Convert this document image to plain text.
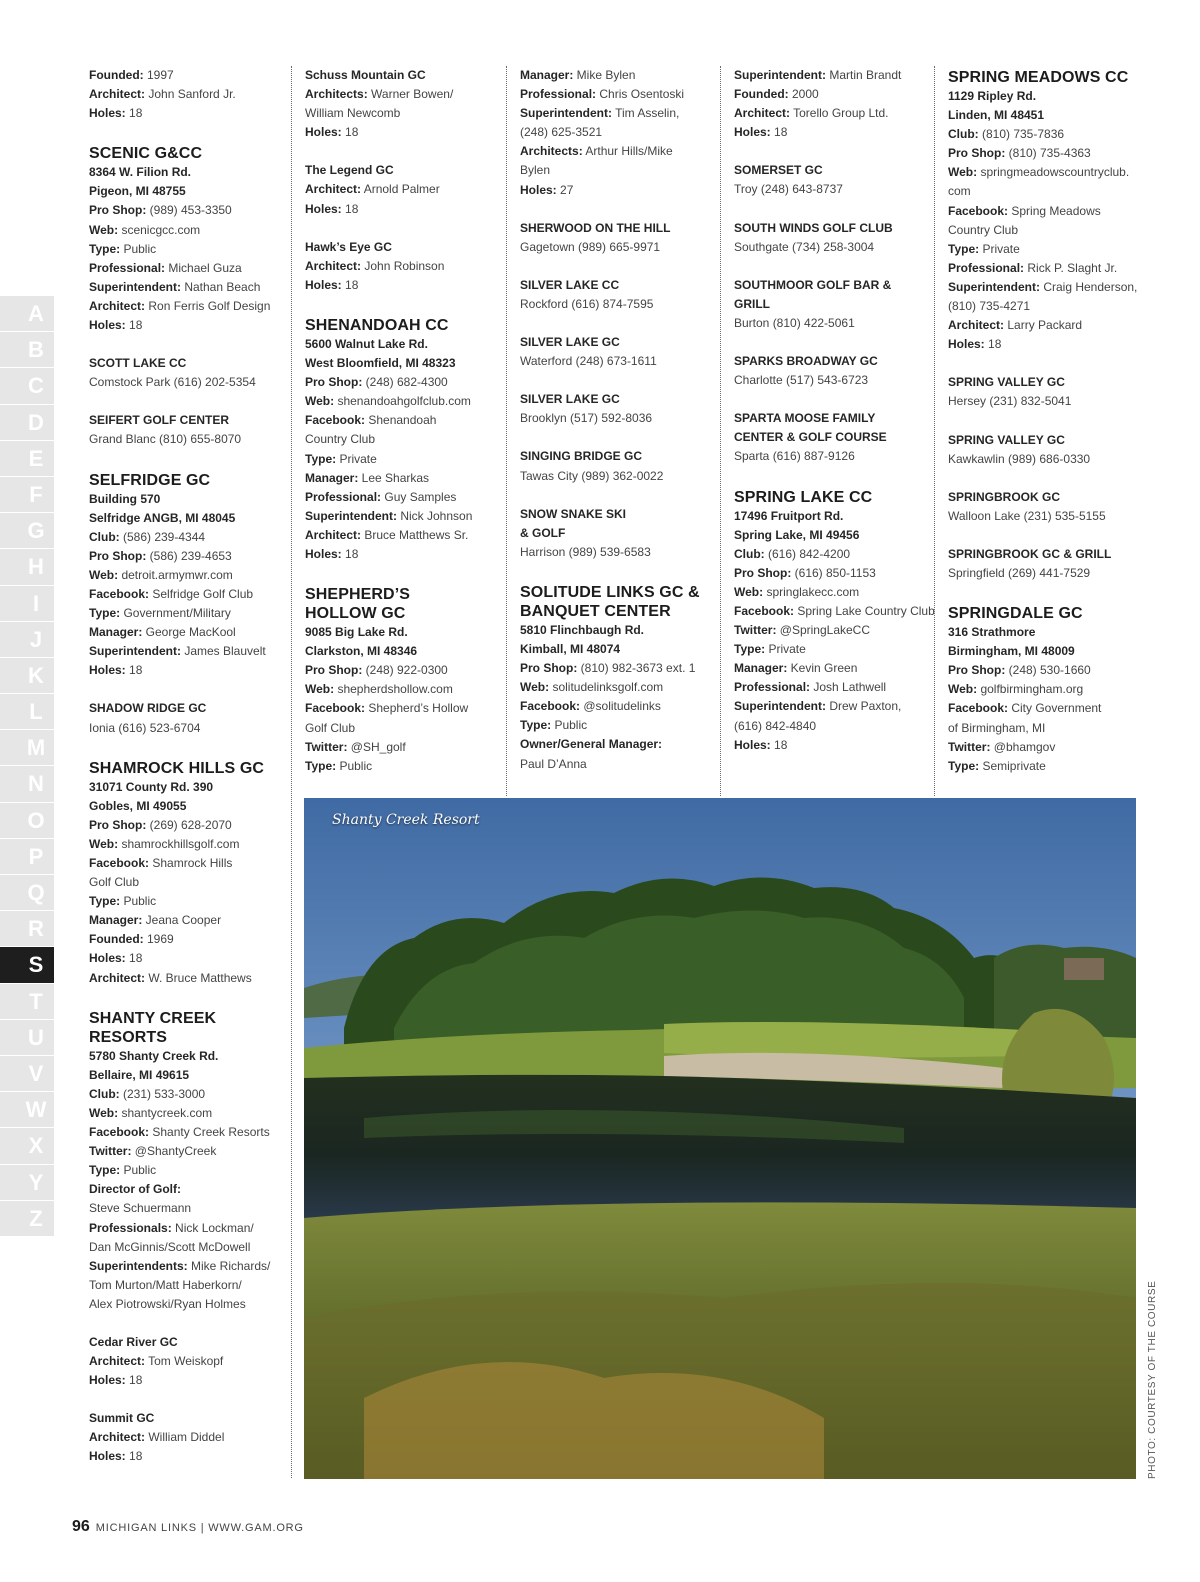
A
B
C
D
E
F
G
H
I
J
K
L
M
N
O
P
Q
R
S
T
U
V
W
X
Y
Z
Founded: 1997
Architect: John Sanford Jr.
Holes: 18
SCENIC G&CC
8364 W. Filion Rd.
Pigeon, MI 48755
Pro Shop: (989) 453-3350
Web: scenicgcc.com
Type: Public
Professional: Michael Guza
Superintendent: Nathan Beach
Architect: Ron Ferris Golf Design
Holes: 18
SCOTT LAKE CC
Comstock Park (616) 202-5354
SEIFERT GOLF CENTER
Grand Blanc (810) 655-8070
SELFRIDGE GC
Building 570
Selfridge ANGB, MI 48045
Club: (586) 239-4344
Pro Shop: (586) 239-4653
Web: detroit.armymwr.com
Facebook: Selfridge Golf Club
Type: Government/Military
Manager: George MacKool
Superintendent: James Blauvelt
Holes: 18
SHADOW RIDGE GC
Ionia (616) 523-6704
SHAMROCK HILLS GC
31071 County Rd. 390
Gobles, MI 49055
Pro Shop: (269) 628-2070
Web: shamrockhillsgolf.com
Facebook: Shamrock Hills
Golf Club
Type: Public
Manager: Jeana Cooper
Founded: 1969
Holes: 18
Architect: W. Bruce Matthews
SHANTY CREEK
RESORTS
5780 Shanty Creek Rd.
Bellaire, MI 49615
Club: (231) 533-3000
Web: shantycreek.com
Facebook: Shanty Creek Resorts
Twitter: @ShantyCreek
Type: Public
Director of Golf:
Steve Schuermann
Professionals: Nick Lockman/
Dan McGinnis/Scott McDowell
Superintendents: Mike Richards/
Tom Murton/Matt Haberkorn/
Alex Piotrowski/Ryan Holmes
Cedar River GC
Architect: Tom Weiskopf
Holes: 18
Summit GC
Architect: William Diddel
Holes: 18
Schuss Mountain GC
Architects: Warner Bowen/
William Newcomb
Holes: 18
The Legend GC
Architect: Arnold Palmer
Holes: 18
Hawk’s Eye GC
Architect: John Robinson
Holes: 18
SHENANDOAH CC
5600 Walnut Lake Rd.
West Bloomfield, MI 48323
Pro Shop: (248) 682-4300
Web: shenandoahgolfclub.com
Facebook: Shenandoah
Country Club
Type: Private
Manager: Lee Sharkas
Professional: Guy Samples
Superintendent: Nick Johnson
Architect: Bruce Matthews Sr.
Holes: 18
SHEPHERD’S
HOLLOW GC
9085 Big Lake Rd.
Clarkston, MI 48346
Pro Shop: (248) 922-0300
Web: shepherdshollow.com
Facebook: Shepherd’s Hollow
Golf Club
Twitter: @SH_golf
Type: Public
Manager: Mike Bylen
Professional: Chris Osentoski
Superintendent: Tim Asselin,
(248) 625-3521
Architects: Arthur Hills/Mike
Bylen
Holes: 27
SHERWOOD ON THE HILL
Gagetown (989) 665-9971
SILVER LAKE CC
Rockford (616) 874-7595
SILVER LAKE GC
Waterford (248) 673-1611
SILVER LAKE GC
Brooklyn (517) 592-8036
SINGING BRIDGE GC
Tawas City (989) 362-0022
SNOW SNAKE SKI
& GOLF
Harrison (989) 539-6583
SOLITUDE LINKS GC &
BANQUET CENTER
5810 Flinchbaugh Rd.
Kimball, MI 48074
Pro Shop: (810) 982-3673 ext. 1
Web: solitudelinksgolf.com
Facebook: @solitudelinks
Type: Public
Owner/General Manager:
Paul D’Anna
Superintendent: Martin Brandt
Founded: 2000
Architect: Torello Group Ltd.
Holes: 18
SOMERSET GC
Troy (248) 643-8737
SOUTH WINDS GOLF CLUB
Southgate (734) 258-3004
SOUTHMOOR GOLF BAR &
GRILL
Burton (810) 422-5061
SPARKS BROADWAY GC
Charlotte (517) 543-6723
SPARTA MOOSE FAMILY
CENTER & GOLF COURSE
Sparta (616) 887-9126
SPRING LAKE CC
17496 Fruitport Rd.
Spring Lake, MI 49456
Club: (616) 842-4200
Pro Shop: (616) 850-1153
Web: springlakecc.com
Facebook: Spring Lake Country Club
Twitter: @SpringLakeCC
Type: Private
Manager: Kevin Green
Professional: Josh Lathwell
Superintendent: Drew Paxton,
(616) 842-4840
Holes: 18
SPRING MEADOWS CC
1129 Ripley Rd.
Linden, MI 48451
Club: (810) 735-7836
Pro Shop: (810) 735-4363
Web: springmeadowscountryclub.
com
Facebook: Spring Meadows
Country Club
Type: Private
Professional: Rick P. Slaght Jr.
Superintendent: Craig Henderson,
(810) 735-4271
Architect: Larry Packard
Holes: 18
SPRING VALLEY GC
Hersey (231) 832-5041
SPRING VALLEY GC
Kawkawlin (989) 686-0330
SPRINGBROOK GC
Walloon Lake (231) 535-5155
SPRINGBROOK GC & GRILL
Springfield (269) 441-7529
SPRINGDALE GC
316 Strathmore
Birmingham, MI 48009
Pro Shop: (248) 530-1660
Web: golfbirmingham.org
Facebook: City Government
of Birmingham, MI
Twitter: @bhamgov
Type: Semiprivate
Shanty Creek Resort
PHOTO: COURTESY OF THE COURSE
96 MICHIGAN LINKS | WWW.GAM.ORG
